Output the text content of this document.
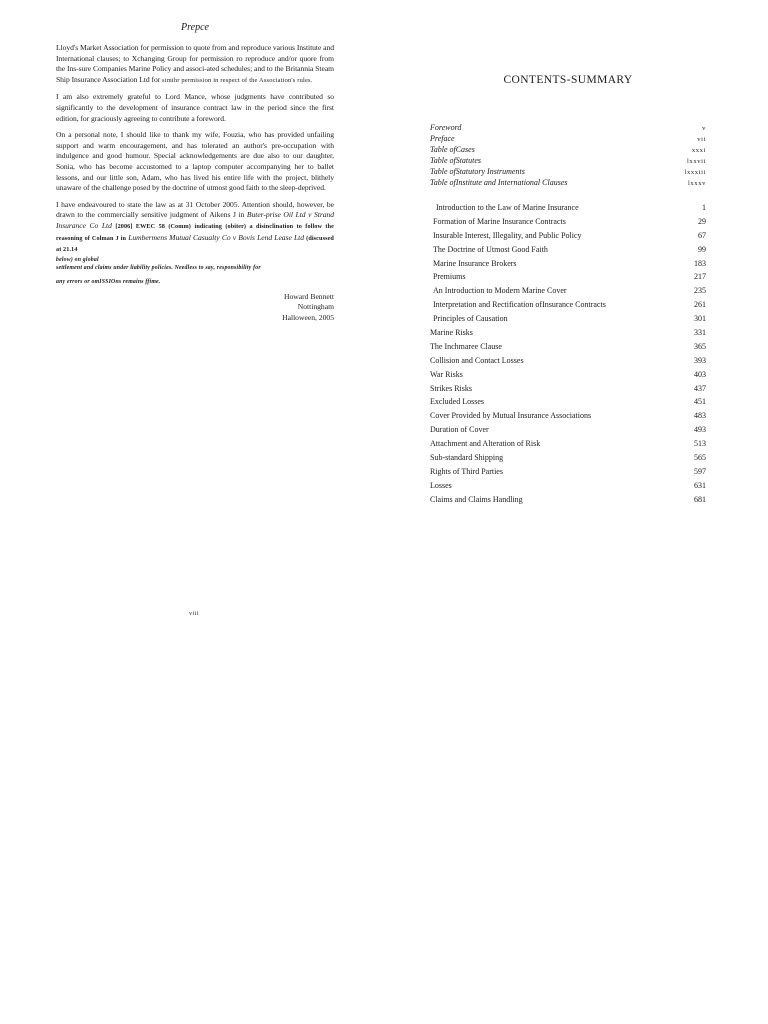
Prepce

Lloyd's Market Association for permission to quote from and reproduce various Institute and International clauses; to Xchanging Group for permission ro reproduce and/or quore from the Ins-sure Companies Marine Policy and associ-ated schedules; and to the Britannia Steam Ship Insurance Association Ltd for simihr permission in respect of the Association's rules.

I am also extremely grateful to Lord Mance, whose judgments have contributed so significantly to the development of insurance contract law in the period since the first edition, for graciously agreeing to contribute a foreword.

On a personal note, I should like to thank my wife, Fouzia, who has provided unfailing support and warm encouragement, and has tolerated an author's pre-occupation with indulgence and good humour. Special acknowledgements are due also to our daughter, Sonia, who has become accustomed to a laptop computer accompanying her to ballet lessons, and our little son, Adam, who has lived his entire life with the project, blithely unaware of the challenge posed by the doctrine of utmost good faith to the sleep-deprived.

I have endeavoured to state the law as at 31 October 2005. Attention should, however, be drawn to the commercially sensitive judgment of Aikens J in Buter-prise Oil Ltd v Strand Insurance Co Ltd [2006] EWEC 58 (Comm) indicating (obiter) a disinclination to follow the reasoning of Colman J in Lumbermens Mutual Casualty Co v Bovis Lend Lease Ltd (discussed at 21.14
below) on global
settlement and claims under liability policies. Needless to say, responsibility for
any errors or omISSIOns remains ffime.

Howard Bennett
Nottingham
Halloween, 2005
viii
CONTENTS-SUMMARY
Foreword	v
Preface	vii
Table ofCases	xxxi
Table ofStatutes	lxxvii
Table ofStatutory Instruments	lxxxiii
Table ofInstitute and International Clauses	lxxxv
Introduction to the Law of Marine Insurance	1
Formation of Marine Insurance Contracts	29
Insurable Interest, Illegality, and Public Policy	67
The Doctrine of Utmost Good Faith	99
Marine Insurance Brokers	183
Premiums	217
An Introduction to Modern Marine Cover	235
Interpretation and Rectification ofInsurance Contracts	261
Principles of Causation	301
Marine Risks	331
The Inchmaree Clause	365
Collision and Contact Losses	393
War Risks	403
Strikes Risks	437
Excluded Losses	451
Cover Provided by Mutual Insurance Associations	483
Duration of Cover	493
Attachment and Alteration of Risk	513
Sub-standard Shipping	565
Rights of Third Parties	597
Losses	631
Claims and Claims Handling	681
